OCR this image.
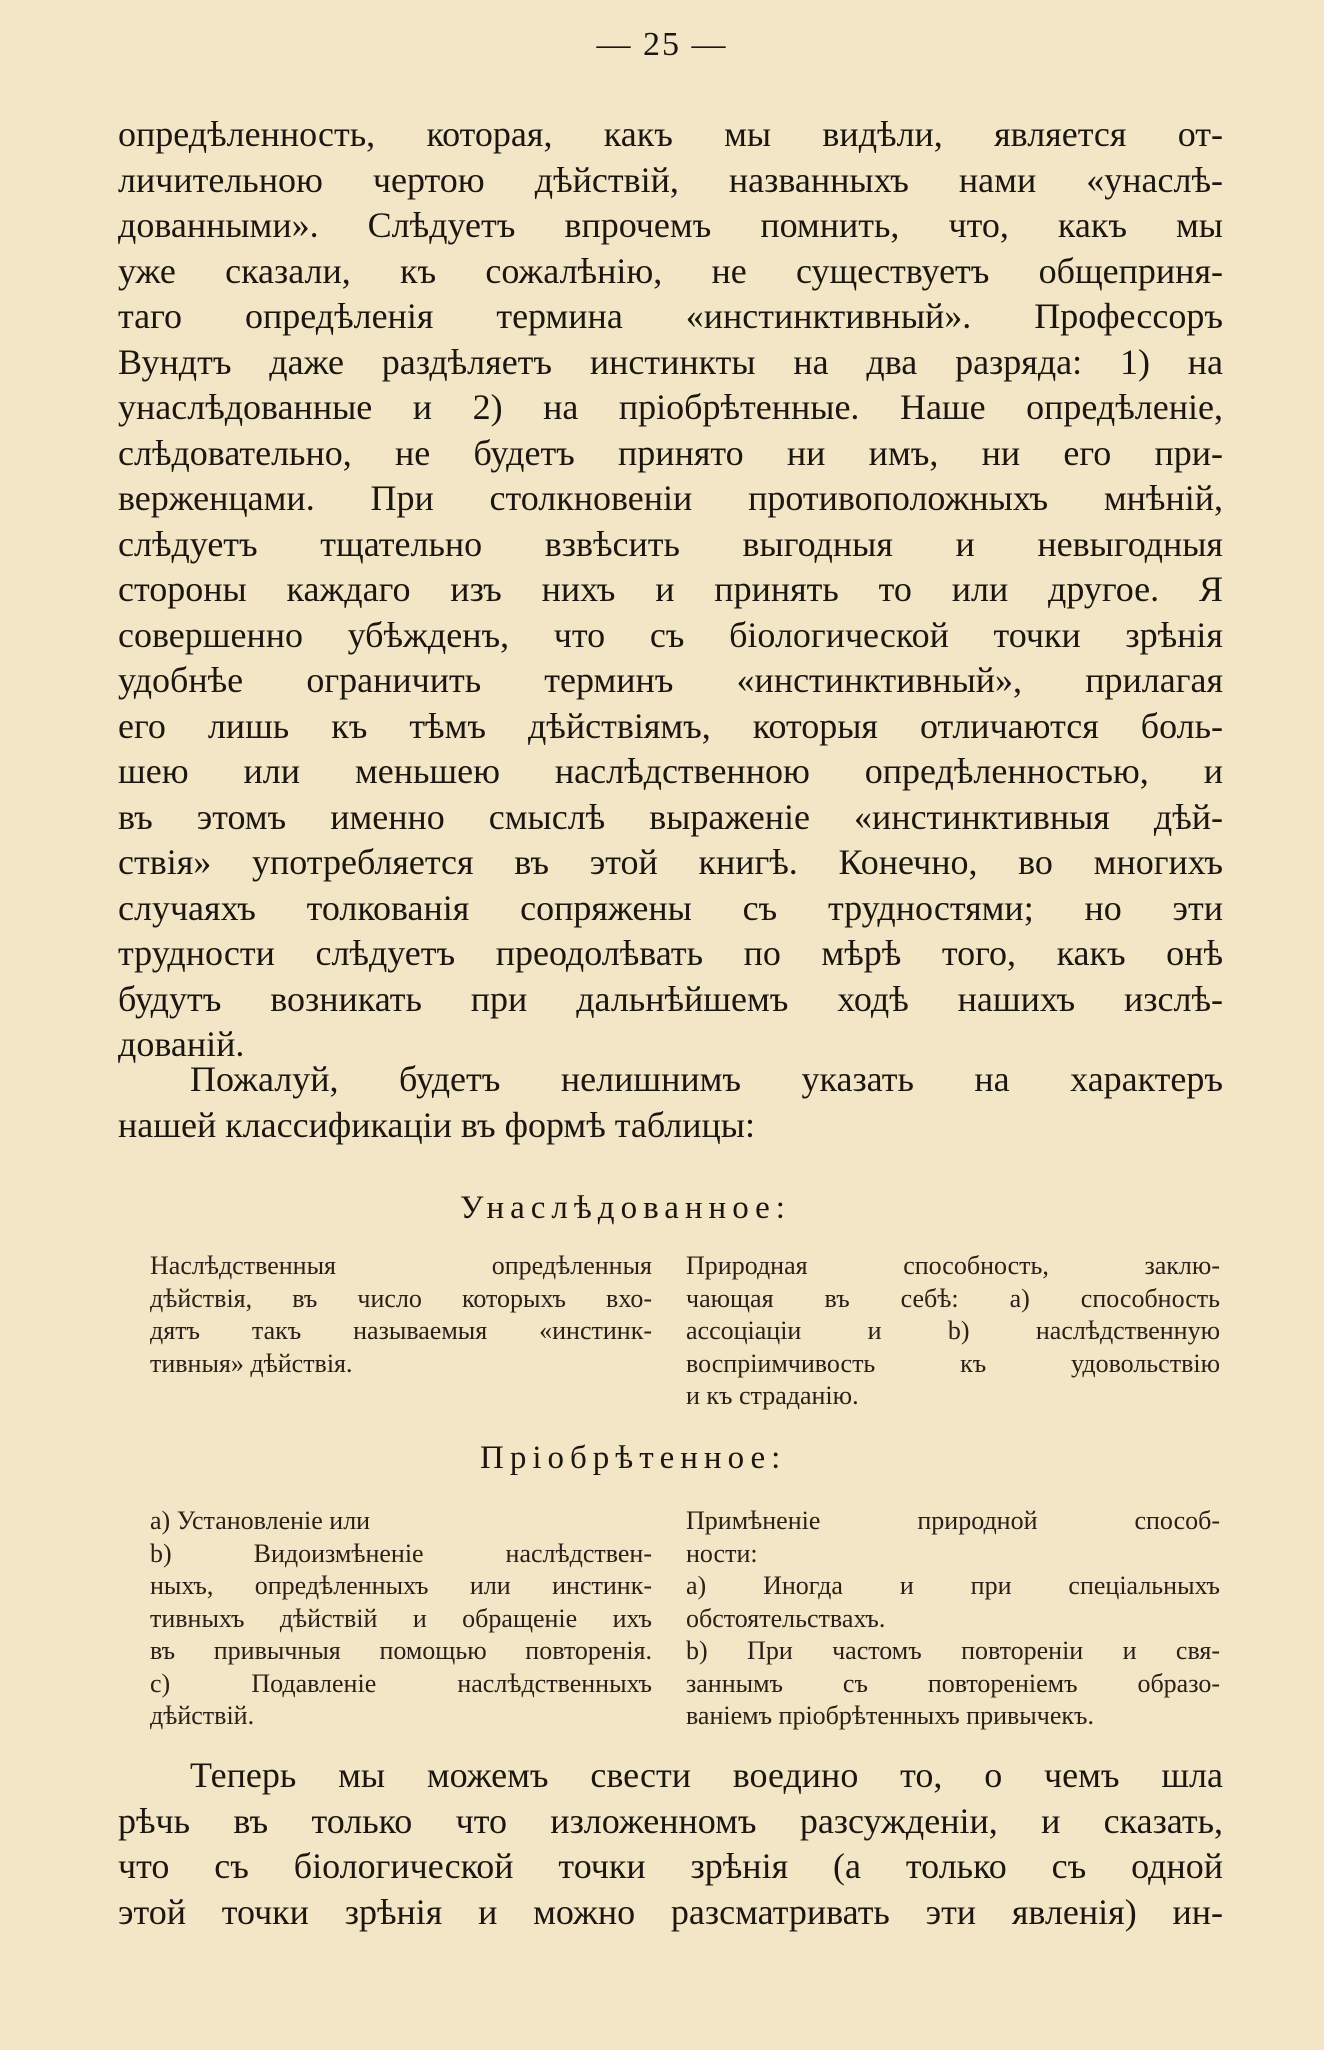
— 25 —
опредѣленность, которая, какъ мы видѣли, является от-
личительною чертою дѣйствій, названныхъ нами «унаслѣ-
дованными». Слѣдуетъ впрочемъ помнить, что, какъ мы
уже сказали, къ сожалѣнію, не существуетъ общеприня-
таго опредѣленія термина «инстинктивный». Профессоръ
Вундтъ даже раздѣляетъ инстинкты на два разряда: 1) на
унаслѣдованные и 2) на пріобрѣтенные. Наше опредѣленіе,
слѣдовательно, не будетъ принято ни имъ, ни его при-
верженцами. При столкновеніи противоположныхъ мнѣній,
слѣдуетъ тщательно взвѣсить выгодныя и невыгодныя
стороны каждаго изъ нихъ и принять то или другое. Я
совершенно убѣжденъ, что съ біологической точки зрѣнія
удобнѣе ограничить терминъ «инстинктивный», прилагая
его лишь къ тѣмъ дѣйствіямъ, которыя отличаются боль-
шею или меньшею наслѣдственною опредѣленностью, и
въ этомъ именно смыслѣ выраженіе «инстинктивныя дѣй-
ствія» употребляется въ этой книгѣ. Конечно, во многихъ
случаяхъ толкованія сопряжены съ трудностями; но эти
трудности слѣдуетъ преодолѣвать по мѣрѣ того, какъ онѣ
будутъ возникать при дальнѣйшемъ ходѣ нашихъ изслѣ-
дованій.
Пожалуй, будетъ нелишнимъ указать на характеръ
нашей классификаціи въ формѣ таблицы:
Унаслѣдованное:
Наслѣдственныя опредѣленныя
дѣйствія, въ число которыхъ вхо-
дятъ такъ называемыя «инстинк-
тивныя» дѣйствія.
Природная способность, заклю-
чающая въ себѣ: a) способность
ассоціаціи и b) наслѣдственную
воспріимчивость къ удовольствію
и къ страданію.
Пріобрѣтенное:
a) Установленіе или
b) Видоизмѣненіе наслѣдствен-
ныхъ, опредѣленныхъ или инстинк-
тивныхъ дѣйствій и обращеніе ихъ
въ привычныя помощью повторенія.
c) Подавленіе наслѣдственныхъ
дѣйствій.
Примѣненіе природной способ-
ности:
a) Иногда и при спеціальныхъ
обстоятельствахъ.
b) При частомъ повтореніи и свя-
заннымъ съ повтореніемъ образо-
ваніемъ пріобрѣтенныхъ привычекъ.
Теперь мы можемъ свести воедино то, о чемъ шла
рѣчь въ только что изложенномъ разсужденіи, и сказать,
что съ біологической точки зрѣнія (а только съ одной
этой точки зрѣнія и можно разсматривать эти явленія) ин-
